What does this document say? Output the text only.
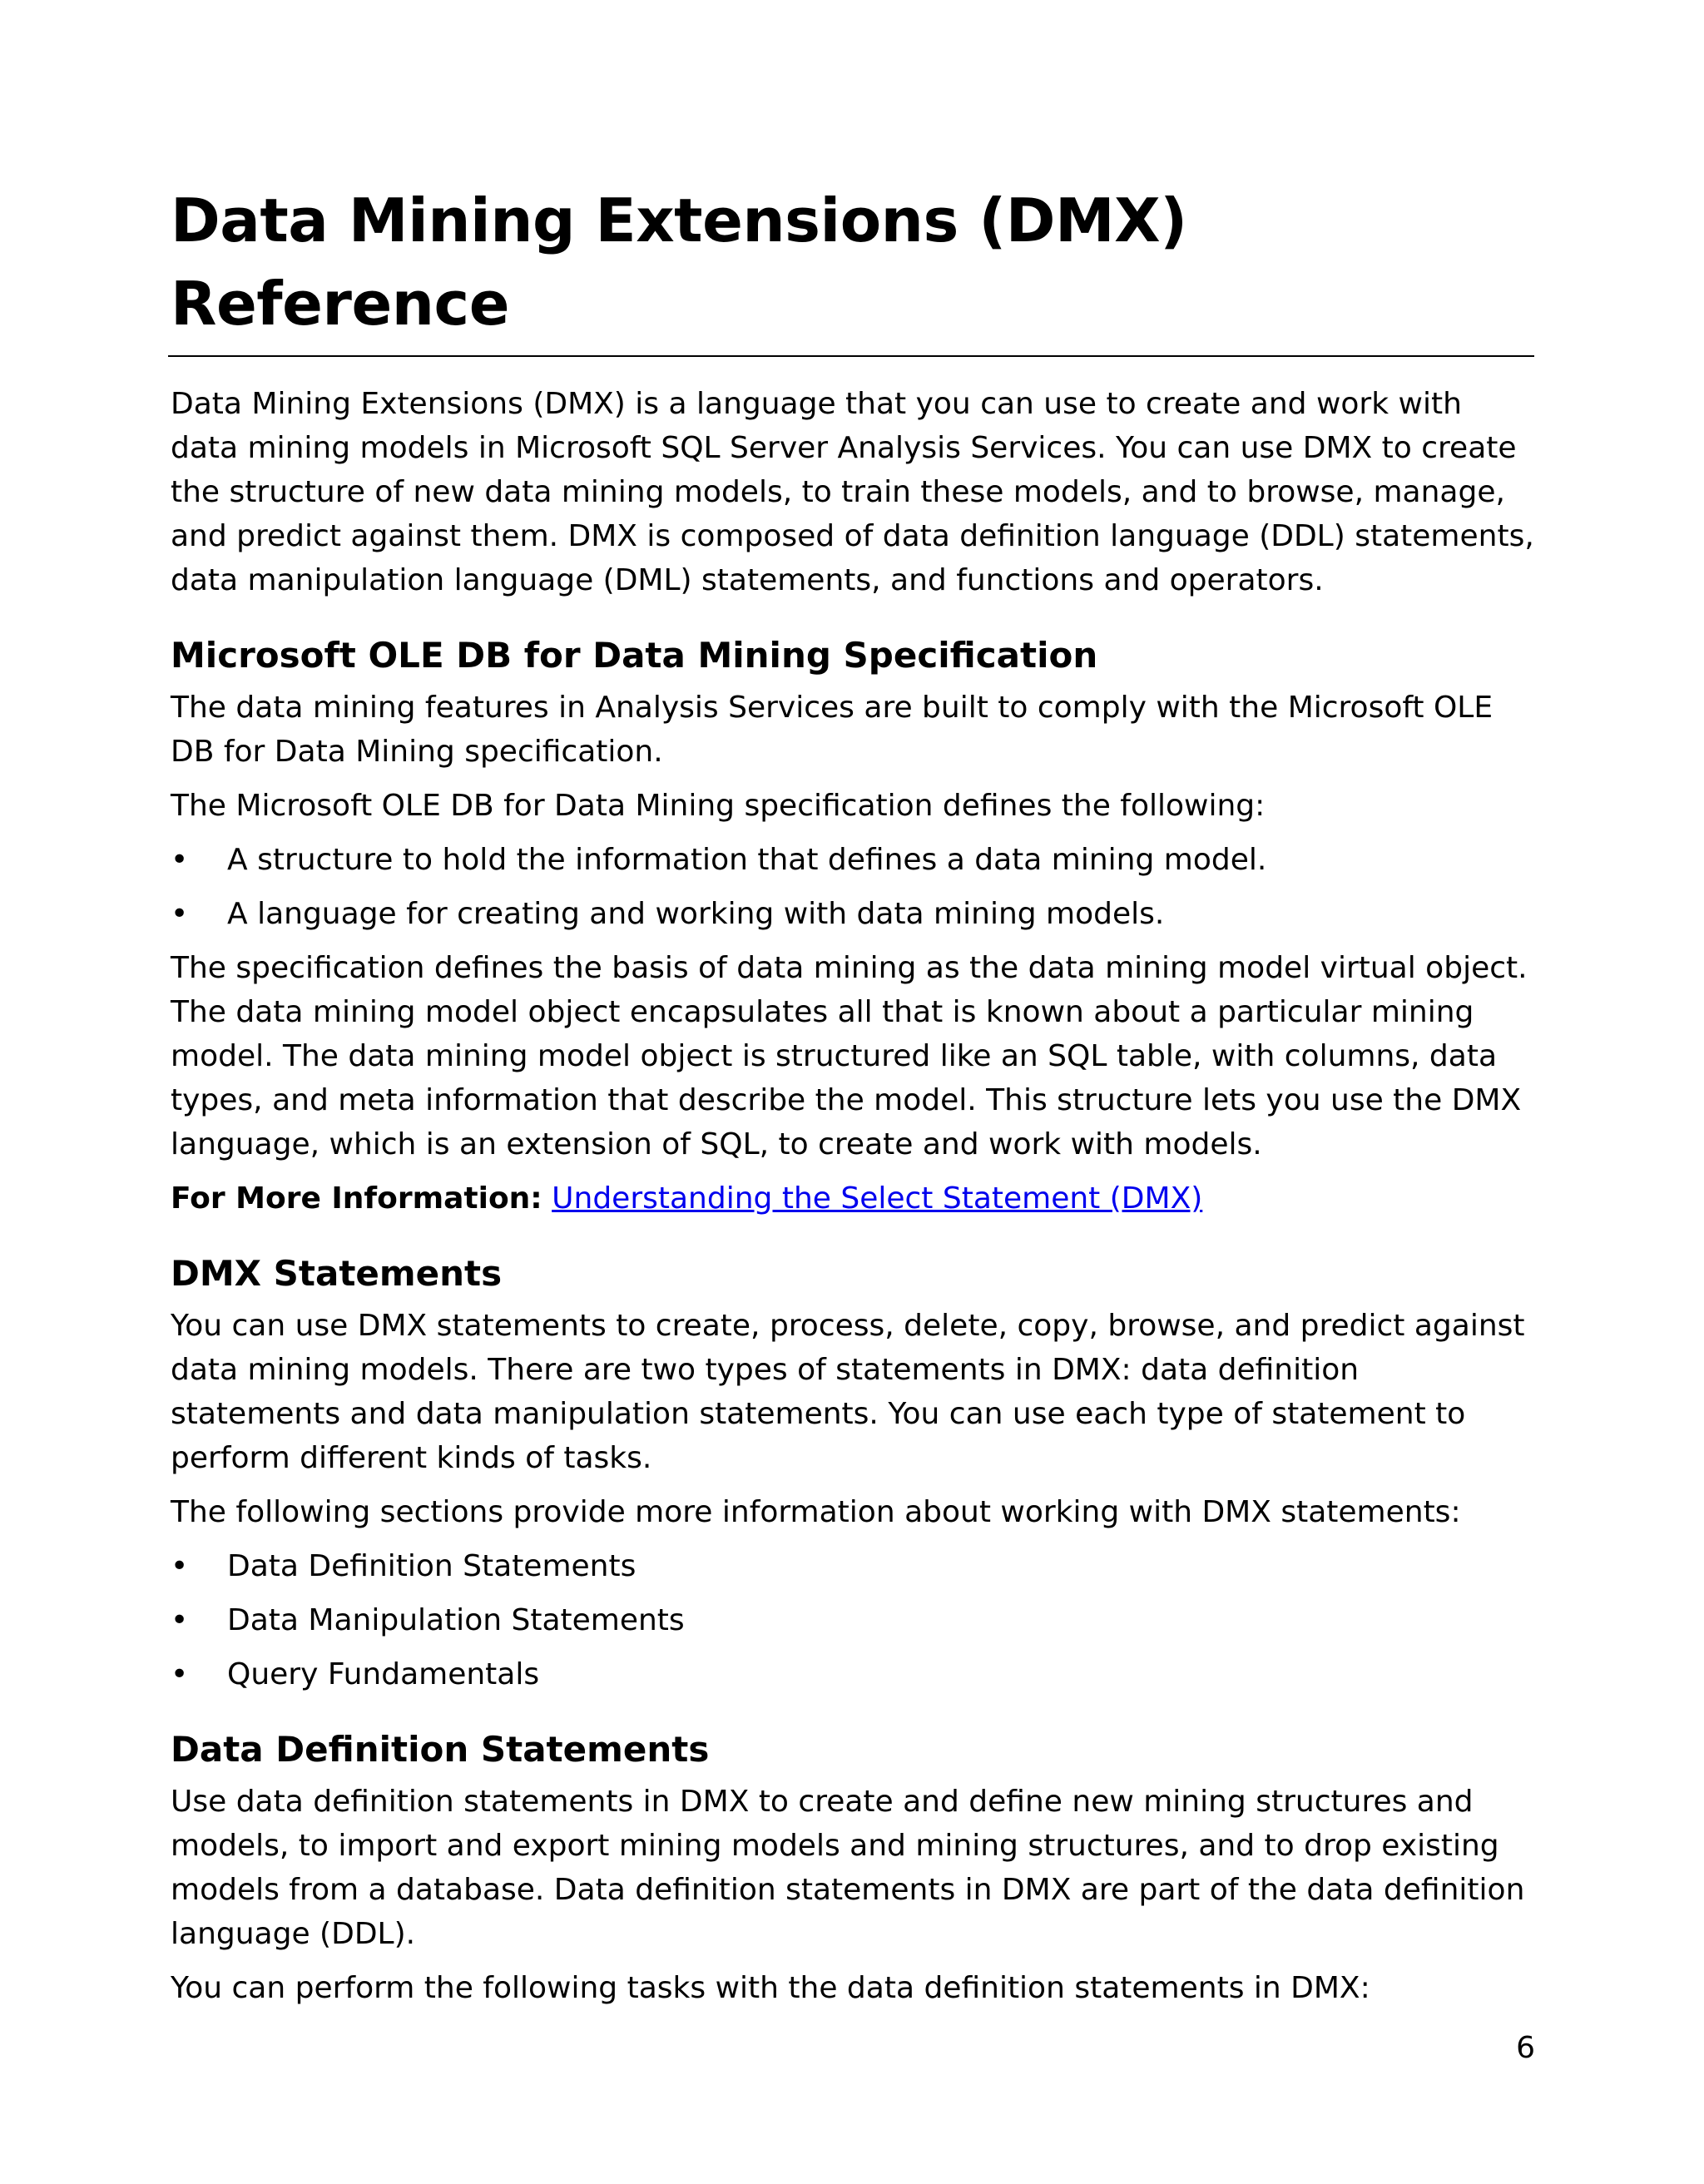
Data Mining Extensions (DMX) Reference

Data Mining Extensions (DMX) is a language that you can use to create and work with data mining models in Microsoft SQL Server Analysis Services. You can use DMX to create the structure of new data mining models, to train these models, and to browse, manage, and predict against them. DMX is composed of data definition language (DDL) statements, data manipulation language (DML) statements, and functions and operators.

Microsoft OLE DB for Data Mining Specification

The data mining features in Analysis Services are built to comply with the Microsoft OLE DB for Data Mining specification.

The Microsoft OLE DB for Data Mining specification defines the following:

•	A structure to hold the information that defines a data mining model.
•	A language for creating and working with data mining models.

The specification defines the basis of data mining as the data mining model virtual object. The data mining model object encapsulates all that is known about a particular mining model. The data mining model object is structured like an SQL table, with columns, data types, and meta information that describe the model. This structure lets you use the DMX language, which is an extension of SQL, to create and work with models.

For More Information: Understanding the Select Statement (DMX)

DMX Statements

You can use DMX statements to create, process, delete, copy, browse, and predict against data mining models. There are two types of statements in DMX: data definition statements and data manipulation statements. You can use each type of statement to perform different kinds of tasks.

The following sections provide more information about working with DMX statements:

•	Data Definition Statements
•	Data Manipulation Statements
•	Query Fundamentals
Data Definition Statements

Use data definition statements in DMX to create and define new mining structures and models, to import and export mining models and mining structures, and to drop existing models from a database. Data definition statements in DMX are part of the data definition language (DDL).

You can perform the following tasks with the data definition statements in DMX:

6
